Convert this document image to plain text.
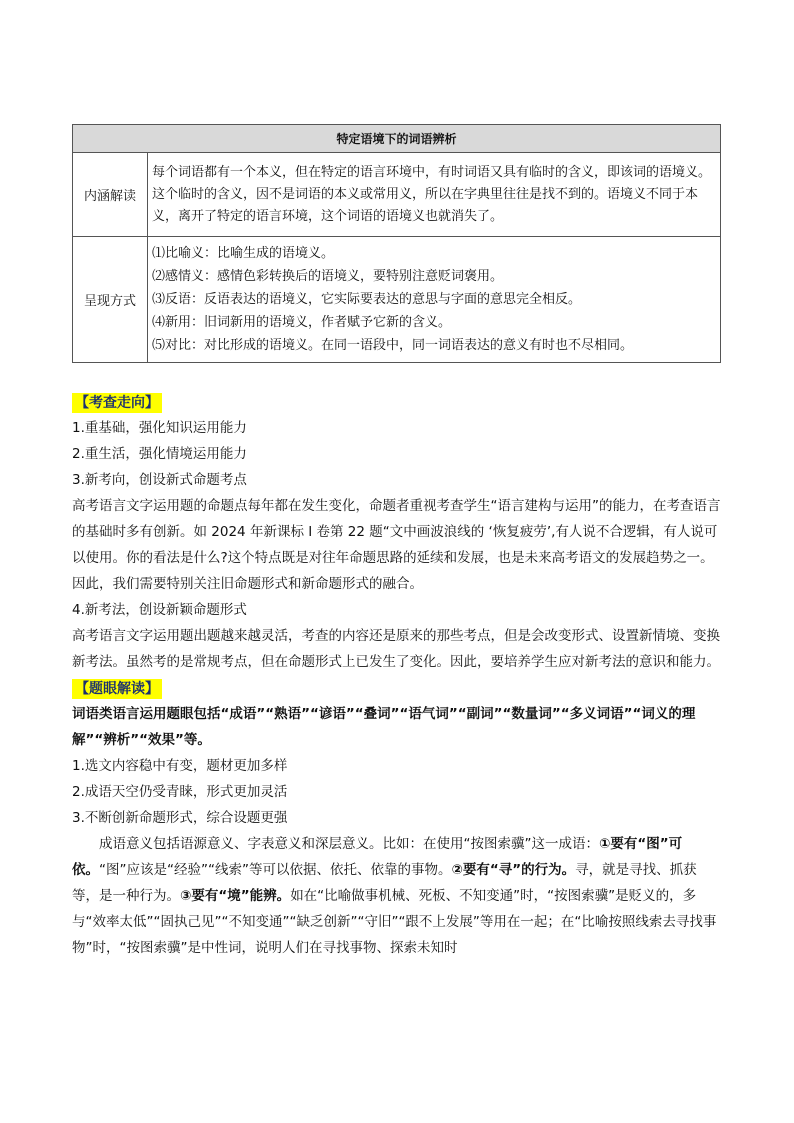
特定语境下的词语辨析	
内涵解读	每个词语都有一个本义，但在特定的语言环境中，有时词语又具有临时的含义，即该词的语境义。这个临时的含义，因不是词语的本义或常用义，所以在字典里往往是找不到的。语境义不同于本义，离开了特定的语言环境，这个词语的语境义也就消失了。
呈现方式	⑴比喻义：比喻生成的语境义。
⑵感情义：感情色彩转换后的语境义，要特别注意贬词褒用。
⑶反语：反语表达的语境义，它实际要表达的意思与字面的意思完全相反。
⑷新用：旧词新用的语境义，作者赋予它新的含义。
⑸对比：对比形成的语境义。在同一语段中，同一词语表达的意义有时也不尽相同。
【考查走向】
1.重基础，强化知识运用能力
2.重生活，强化情境运用能力
3.新考向，创设新式命题考点
高考语言文字运用题的命题点每年都在发生变化，命题者重视考查学生“语言建构与运用”的能力，在考查语言的基础时多有创新。如 2024 年新课标 I 卷第 22 题“文中画波浪线的 ‘恢复疲劳’,有人说不合逻辑，有人说可以使用。你的看法是什么?这个特点既是对往年命题思路的延续和发展，也是未来高考语文的发展趋势之一。因此，我们需要特别关注旧命题形式和新命题形式的融合。
4.新考法，创设新颖命题形式
高考语言文字运用题出题越来越灵活，考查的内容还是原来的那些考点，但是会改变形式、设置新情境、变换新考法。虽然考的是常规考点，但在命题形式上已发生了变化。因此，要培养学生应对新考法的意识和能力。
【题眼解读】
词语类语言运用题眼包括“成语”“熟语”“谚语”“叠词”“语气词”“副词”“数量词”“多义词语”“词义的理解”“辨析”“效果”等。
1.选文内容稳中有变，题材更加多样
2.成语天空仍受青睐，形式更加灵活
3.不断创新命题形式，综合设题更强
成语意义包括语源意义、字表意义和深层意义。比如：在使用“按图索骥”这一成语：①要有“图”可依。“图”应该是“经验”“线索”等可以依据、依托、依靠的事物。②要有“寻”的行为。寻，就是寻找、抓获等，是一种行为。③要有“境”能辨。如在“比喻做事机械、死板、不知变通”时，“按图索骥”是贬义的，多与“效率太低”“固执己见”“不知变通”“缺乏创新”“守旧”“跟不上发展”等用在一起；在“比喻按照线索去寻找事物”时，“按图索骥”是中性词，说明人们在寻找事物、探索未知时
